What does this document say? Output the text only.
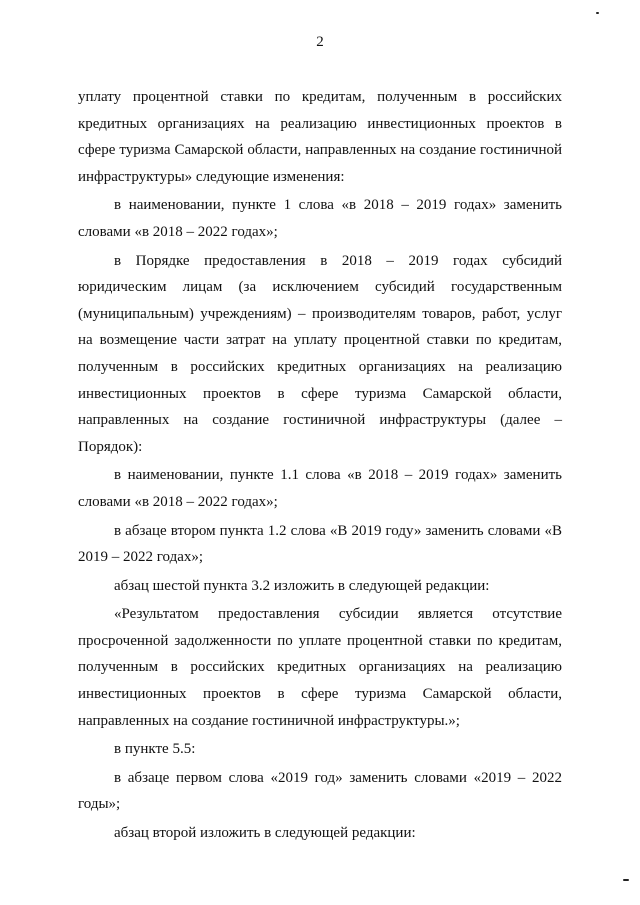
2

уплату процентной ставки по кредитам, полученным в российских кредитных организациях на реализацию инвестиционных проектов в сфере туризма Самарской области, направленных на создание гостиничной инфраструктуры» следующие изменения:

в наименовании, пункте 1 слова «в 2018 – 2019 годах» заменить словами «в 2018 – 2022 годах»;

в Порядке предоставления в 2018 – 2019 годах субсидий юридическим лицам (за исключением субсидий государственным (муниципальным) учреждениям) – производителям товаров, работ, услуг на возмещение части затрат на уплату процентной ставки по кредитам, полученным в российских кредитных организациях на реализацию инвестиционных проектов в сфере туризма Самарской области, направленных на создание гостиничной инфраструктуры (далее – Порядок):

в наименовании, пункте 1.1 слова «в 2018 – 2019 годах» заменить словами «в 2018 – 2022 годах»;

в абзаце втором пункта 1.2 слова «В 2019 году» заменить словами «В 2019 – 2022 годах»;

абзац шестой пункта 3.2 изложить в следующей редакции:

«Результатом предоставления субсидии является отсутствие просроченной задолженности по уплате процентной ставки по кредитам, полученным в российских кредитных организациях на реализацию инвестиционных проектов в сфере туризма Самарской области, направленных на создание гостиничной инфраструктуры.»;

в пункте 5.5:

в абзаце первом слова «2019 год» заменить словами «2019 – 2022 годы»;

абзац второй изложить в следующей редакции:
